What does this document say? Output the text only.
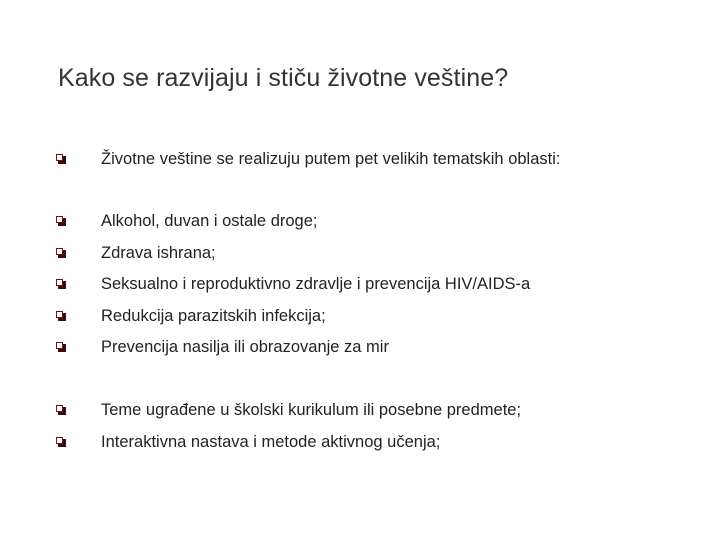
Kako se razvijaju i stiču životne veštine?
Životne veštine se realizuju putem pet velikih tematskih oblasti:
Alkohol, duvan i ostale droge;
Zdrava ishrana;
Seksualno i reproduktivno zdravlje i prevencija HIV/AIDS-a
Redukcija parazitskih infekcija;
Prevencija nasilja ili obrazovanje za mir
Teme ugrađene u školski kurikulum ili posebne predmete;
Interaktivna nastava i metode aktivnog učenja;
